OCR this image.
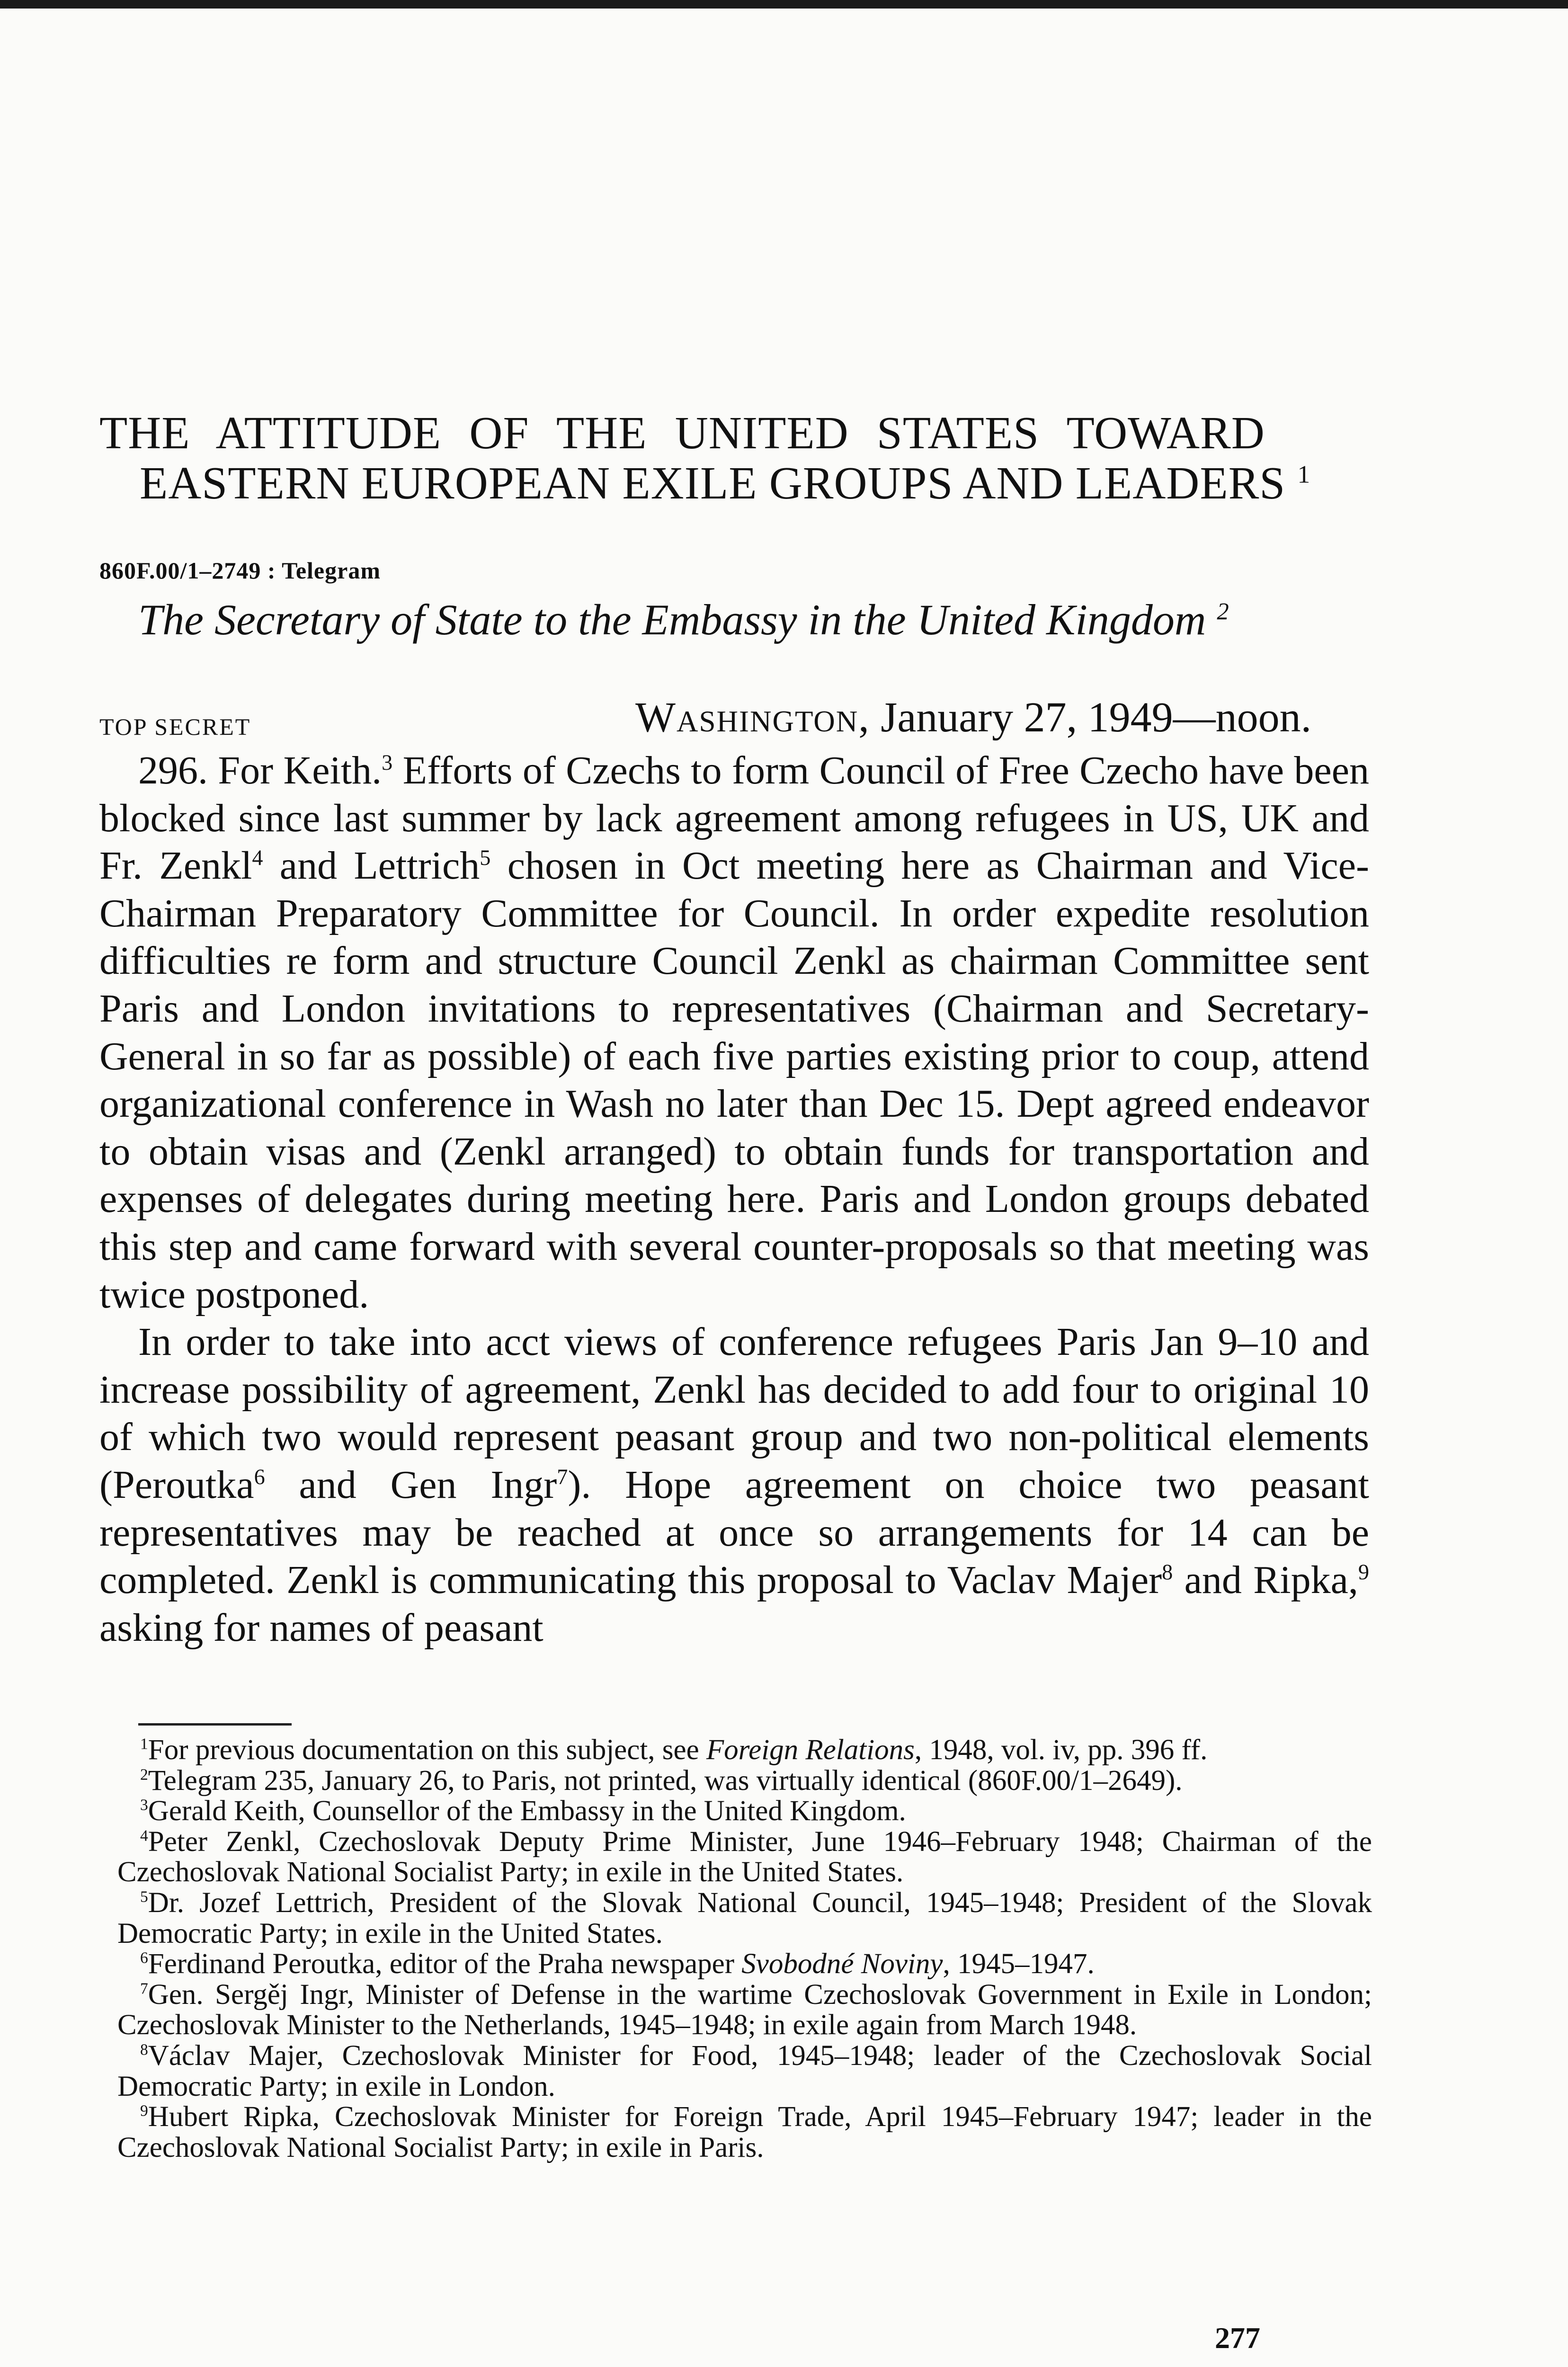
THE ATTITUDE OF THE UNITED STATES TOWARD
EASTERN EUROPEAN EXILE GROUPS AND LEADERS $^1$
860F.00/1–2749 : Telegram
The Secretary of State to the Embassy in the United Kingdom $^2$
TOP SECRET	Washington, January 27, 1949—noon.

296. For Keith.$^3$ Efforts of Czechs to form Council of Free Czecho have been blocked since last summer by lack agreement among refugees in US, UK and Fr. Zenkl$^4$ and Lettrich$^5$ chosen in Oct meeting here as Chairman and Vice-Chairman Preparatory Committee for Council. In order expedite resolution difficulties re form and structure Council Zenkl as chairman Committee sent Paris and London invitations to representatives (Chairman and Secretary-General in so far as possible) of each five parties existing prior to coup, attend organizational conference in Wash no later than Dec 15. Dept agreed endeavor to obtain visas and (Zenkl arranged) to obtain funds for transportation and expenses of delegates during meeting here. Paris and London groups debated this step and came forward with several counter-proposals so that meeting was twice postponed.

In order to take into acct views of conference refugees Paris Jan 9–10 and increase possibility of agreement, Zenkl has decided to add four to original 10 of which two would represent peasant group and two non-political elements (Peroutka$^6$ and Gen Ingr$^7$). Hope agreement on choice two peasant representatives may be reached at once so arrangements for 14 can be completed. Zenkl is communicating this proposal to Vaclav Majer$^8$ and Ripka,$^9$ asking for names of peasant

$^1$For previous documentation on this subject, see Foreign Relations, 1948, vol. iv, pp. 396 ff.

$^2$Telegram 235, January 26, to Paris, not printed, was virtually identical (860F.00/1–2649).

$^3$Gerald Keith, Counsellor of the Embassy in the United Kingdom.

$^4$Peter Zenkl, Czechoslovak Deputy Prime Minister, June 1946–February 1948; Chairman of the Czechoslovak National Socialist Party; in exile in the United States.

$^5$Dr. Jozef Lettrich, President of the Slovak National Council, 1945–1948; President of the Slovak Democratic Party; in exile in the United States.

$^6$Ferdinand Peroutka, editor of the Praha newspaper Svobodné Noviny, 1945–1947.

$^7$Gen. Sergěj Ingr, Minister of Defense in the wartime Czechoslovak Government in Exile in London; Czechoslovak Minister to the Netherlands, 1945–1948; in exile again from March 1948.

$^8$Václav Majer, Czechoslovak Minister for Food, 1945–1948; leader of the Czechoslovak Social Democratic Party; in exile in London.

$^9$Hubert Ripka, Czechoslovak Minister for Foreign Trade, April 1945–February 1947; leader in the Czechoslovak National Socialist Party; in exile in Paris.

277
